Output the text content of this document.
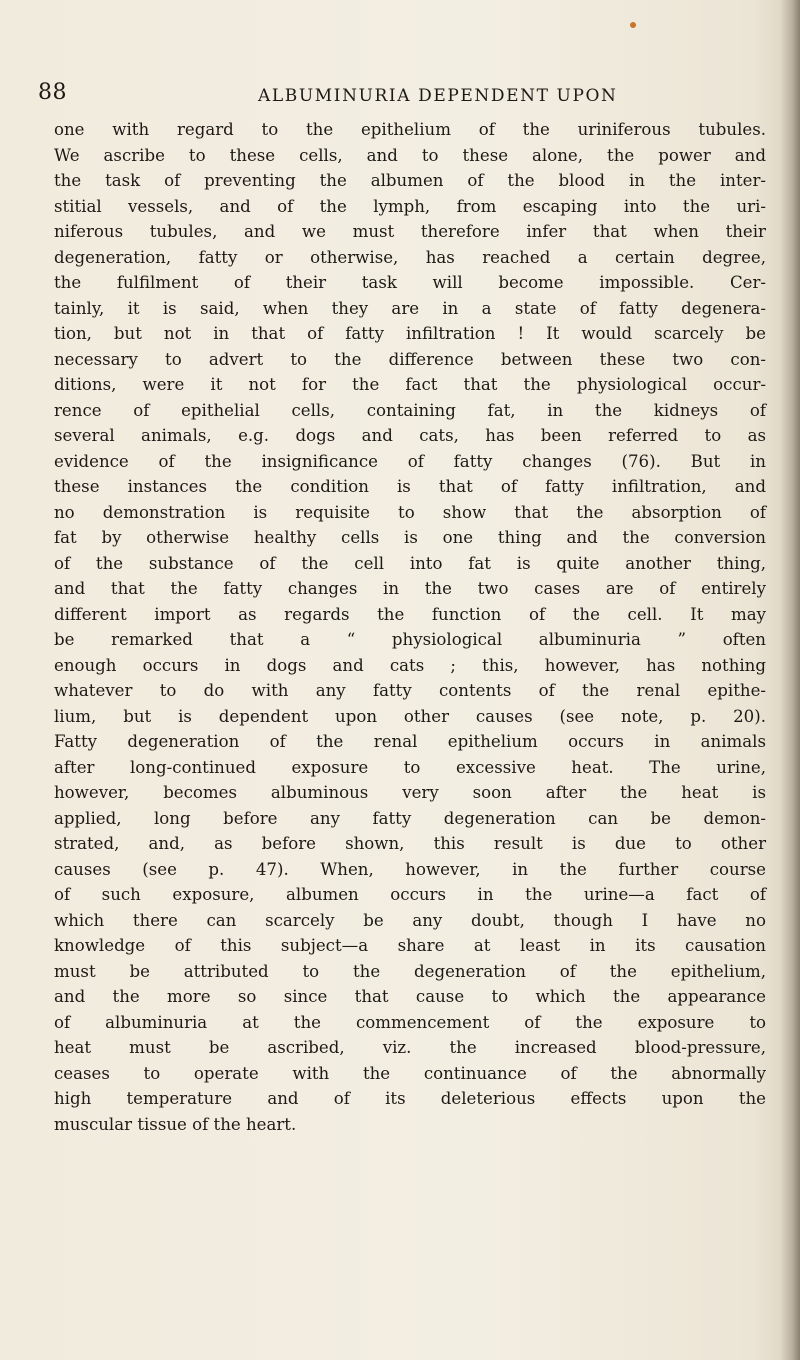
88	ALBUMINURIA DEPENDENT UPON
one with regard to the epithelium of the uriniferous tubules.
We ascribe to these cells, and to these alone, the power and
the task of preventing the albumen of the blood in the inter-
stitial vessels, and of the lymph, from escaping into the uri-
niferous tubules, and we must therefore infer that when their
degeneration, fatty or otherwise, has reached a certain degree,
the fulfilment of their task will become impossible. Cer-
tainly, it is said, when they are in a state of fatty degenera-
tion, but not in that of fatty infiltration ! It would scarcely be
necessary to advert to the difference between these two con-
ditions, were it not for the fact that the physiological occur-
rence of epithelial cells, containing fat, in the kidneys of
several animals, e.g. dogs and cats, has been referred to as
evidence of the insignificance of fatty changes (76). But in
these instances the condition is that of fatty infiltration, and
no demonstration is requisite to show that the absorption of
fat by otherwise healthy cells is one thing and the conversion
of the substance of the cell into fat is quite another thing,
and that the fatty changes in the two cases are of entirely
different import as regards the function of the cell. It may
be remarked that a “ physiological albuminuria ” often
enough occurs in dogs and cats ; this, however, has nothing
whatever to do with any fatty contents of the renal epithe-
lium, but is dependent upon other causes (see note, p. 20).
Fatty degeneration of the renal epithelium occurs in animals
after long-continued exposure to excessive heat. The urine,
however, becomes albuminous very soon after the heat is
applied, long before any fatty degeneration can be demon-
strated, and, as before shown, this result is due to other
causes (see p. 47). When, however, in the further course
of such exposure, albumen occurs in the urine—a fact of
which there can scarcely be any doubt, though I have no
knowledge of this subject—a share at least in its causation
must be attributed to the degeneration of the epithelium,
and the more so since that cause to which the appearance
of albuminuria at the commencement of the exposure to
heat must be ascribed, viz. the increased blood-pressure,
ceases to operate with the continuance of the abnormally
high temperature and of its deleterious effects upon the
muscular tissue of the heart.
